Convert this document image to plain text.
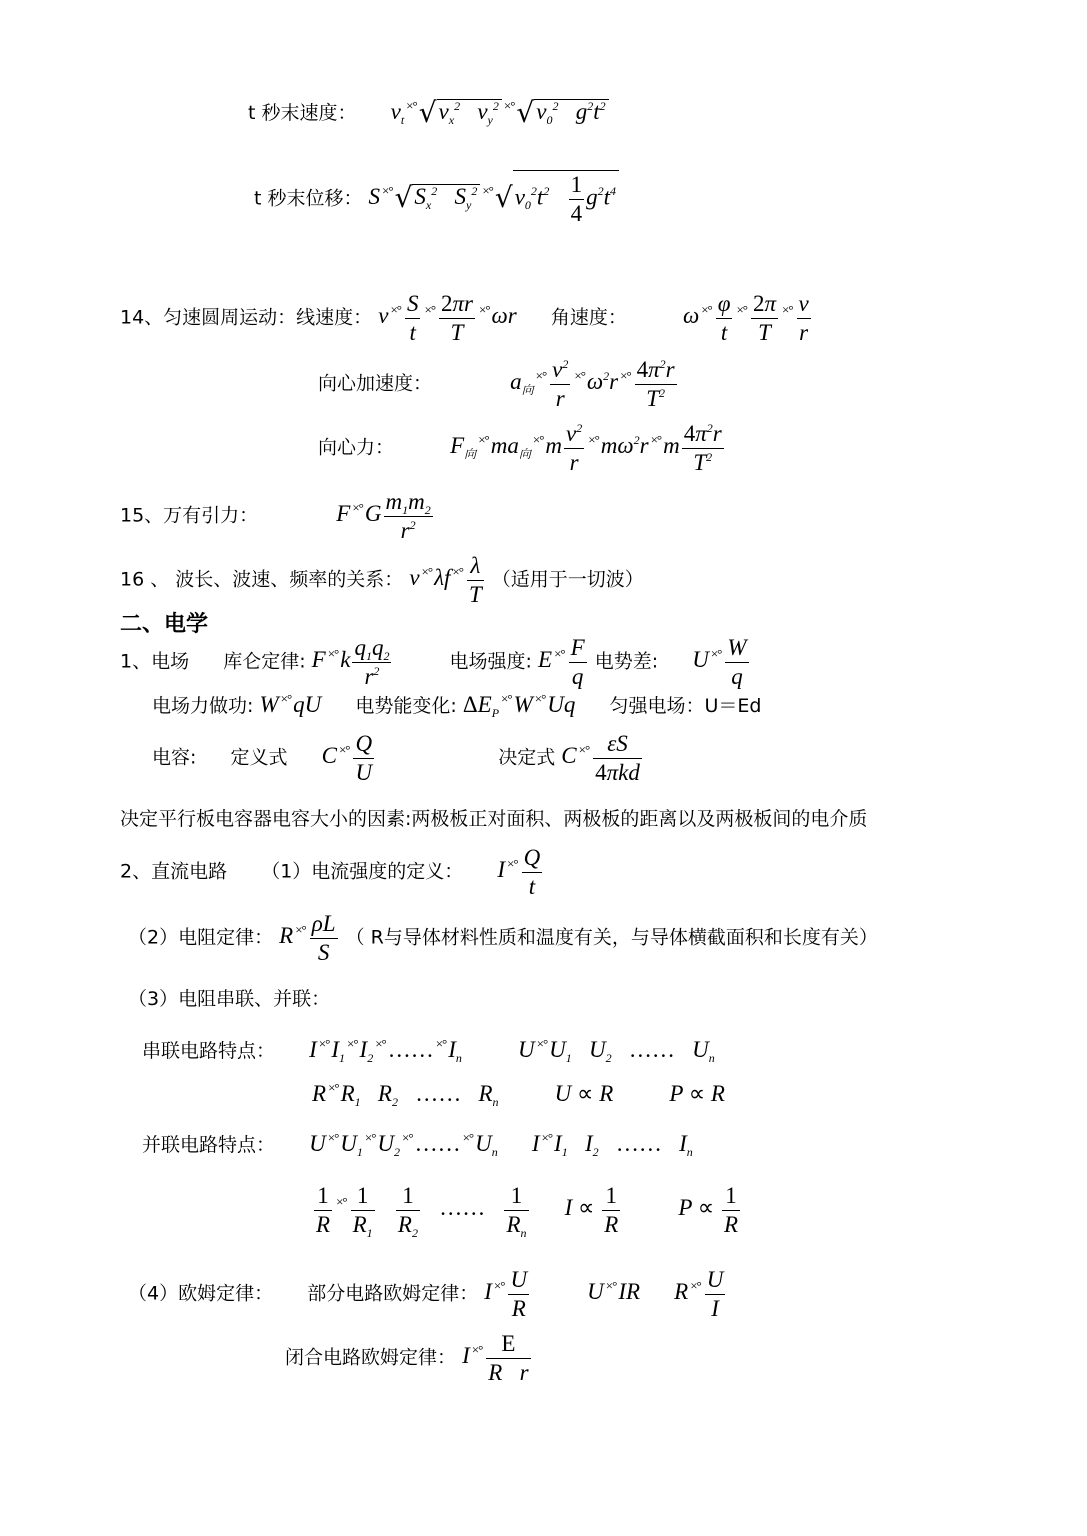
t 秒末速度： $v_t^{\times^\circ}√v_x^2$   $v_y^2$ $^{\times^\circ}√v_0^2$   $g^2t^2$
t 秒末位移： S $^{\times^\circ}√S_x^2$   $S_y^2$ $^{\times^\circ}√v_0^2t^2 \frac{1}{4} g^2t^4$
14、匀速圆周运动：线速度： v $^{\times^\circ} \frac{S}{t} ^{\times^\circ} \frac{2\pi r}{T} ^{\times^\circ}\omega r$ 角速度： ω $^{\times^\circ} \frac{\varphi}{t} ^{\times^\circ} \frac{2\pi}{T} ^{\times^\circ} \frac{v}{r}$
向心加速度：	$a_向^{\times^\circ} \frac{v^2}{r} ^{\times^\circ}\omega^2r$ $^{\times^\circ} \frac{4\pi^2r}{T^2}$
向心力： $F_向^{\times^\circ}ma_向^{\times^\circ}m \frac{v^2}{r} ^{\times^\circ}m\omega^2r$ $^{\times^\circ}m \frac{4\pi^2r}{T^2}$
15、万有引力：	F $^{\times^\circ}G \frac{m_1m_2}{r^2}$
16 、 波长、波速、频率的关系： v ×°λf $^{\times^\circ} \frac{\lambda}{T}$ （适用于一切波）
二、电学
1、电场 库仑定律: F $^{\times^\circ}k \frac{q_1q_2}{r^2}$	电场强度: E $^{\times^\circ} \frac{F}{q}$ 电势差: U $^{\times^\circ} \frac{W}{q}$
电场力做功: W ×°qU 电势能变化: $\Delta E_P^{\times^\circ}W$ ×°Uq 匀强电场：U＝Ed
电容: 定义式 C $^{\times^\circ} \frac{Q}{U}$	决定式 C $^{\times^\circ} \frac{\varepsilon S}{\text{4πkd}}$
决定平行板电容器电容大小的因素:两极板正对面积、两极板的距离以及两极板间的电介质
2、直流电路 （1）电流强度的定义： I $^{\times^\circ} \frac{Q}{t}$
（2）电阻定律： R $^{\times^\circ} \frac{\rho L}{S}$ （ R与导体材料性质和温度有关，与导体横截面积和长度有关）
（3）电阻串联、并联：
串联电路特点： I $^{\times^\circ}I_1^{\times^\circ}I_2^{\times^\circ}\dots\dots$ $^{\times^\circ}I_n$ U $^{\times^\circ}U_1$   $U_2$ ……   $U_n$
R $^{\times^\circ}R_1$   $R_2$ ……   $R_n$ U ∝ R P ∝ R
并联电路特点： U $^{\times^\circ}U_1^{\times^\circ}U_2^{\times^\circ}\dots\dots$ $^{\times^\circ}U_n$ I $^{\times^\circ}I_1$   $I_2$ ……   $I_n$
$\frac{1}{R} ^{\times^\circ} \frac{1}{R_1}$
$\frac{1}{R_2}$ …… $\frac{1}{R_n}$ $I \propto \frac{1}{R}$	$P \propto \frac{1}{R}$
（4）欧姆定律： 部分电路欧姆定律： I $^{\times^\circ} \frac{U}{R}$	U ×°IR R $^{\times^\circ} \frac{U}{I}$
闭合电路欧姆定律： I $^{\times^\circ} \frac{E}{\text{R   r}}$
